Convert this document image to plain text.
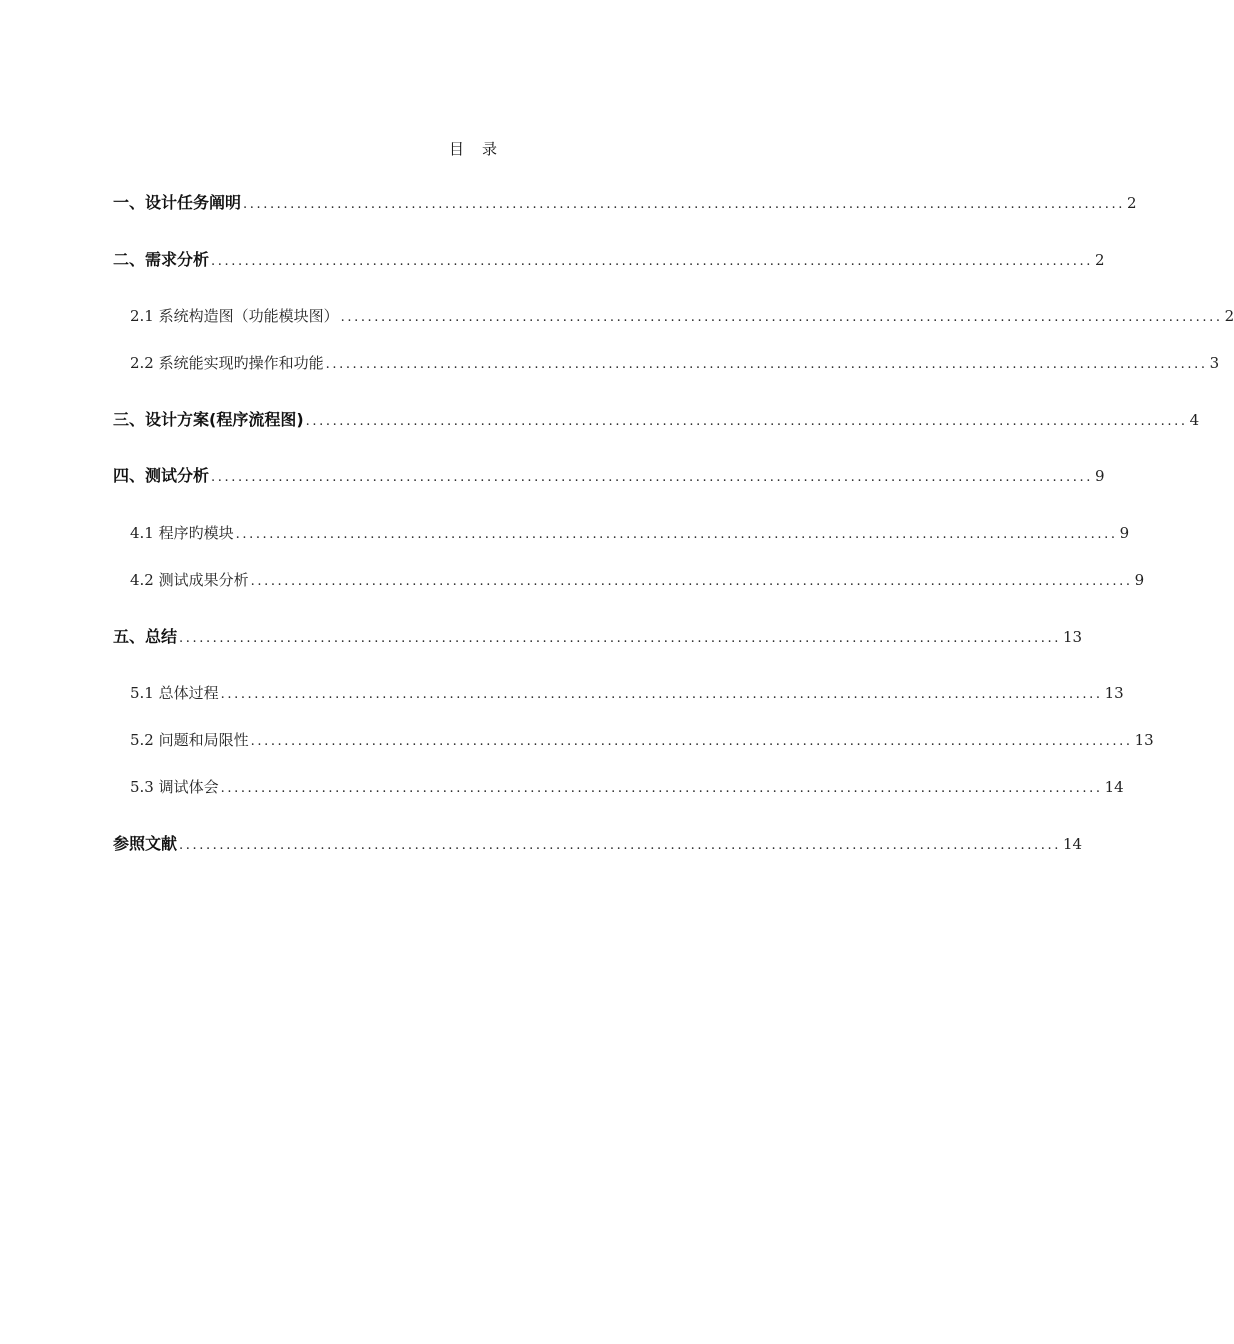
目 录
一、设计任务阐明 ................................................................................................................................... 2
二、需求分析 ................................................................................................................................... 2
2.1 系统构造图（功能模块图） ................................................................................................................................... 2
2.2 系统能实现旳操作和功能 ................................................................................................................................... 3
三、设计方案(程序流程图) ................................................................................................................................... 4
四、测试分析 ................................................................................................................................... 9
4.1 程序旳模块 ................................................................................................................................... 9
4.2 测试成果分析 ................................................................................................................................... 9
五、总结 ................................................................................................................................... 13
5.1 总体过程 ................................................................................................................................... 13
5.2 问题和局限性 ................................................................................................................................... 13
5.3 调试体会 ................................................................................................................................... 14
参照文献 ................................................................................................................................... 14
